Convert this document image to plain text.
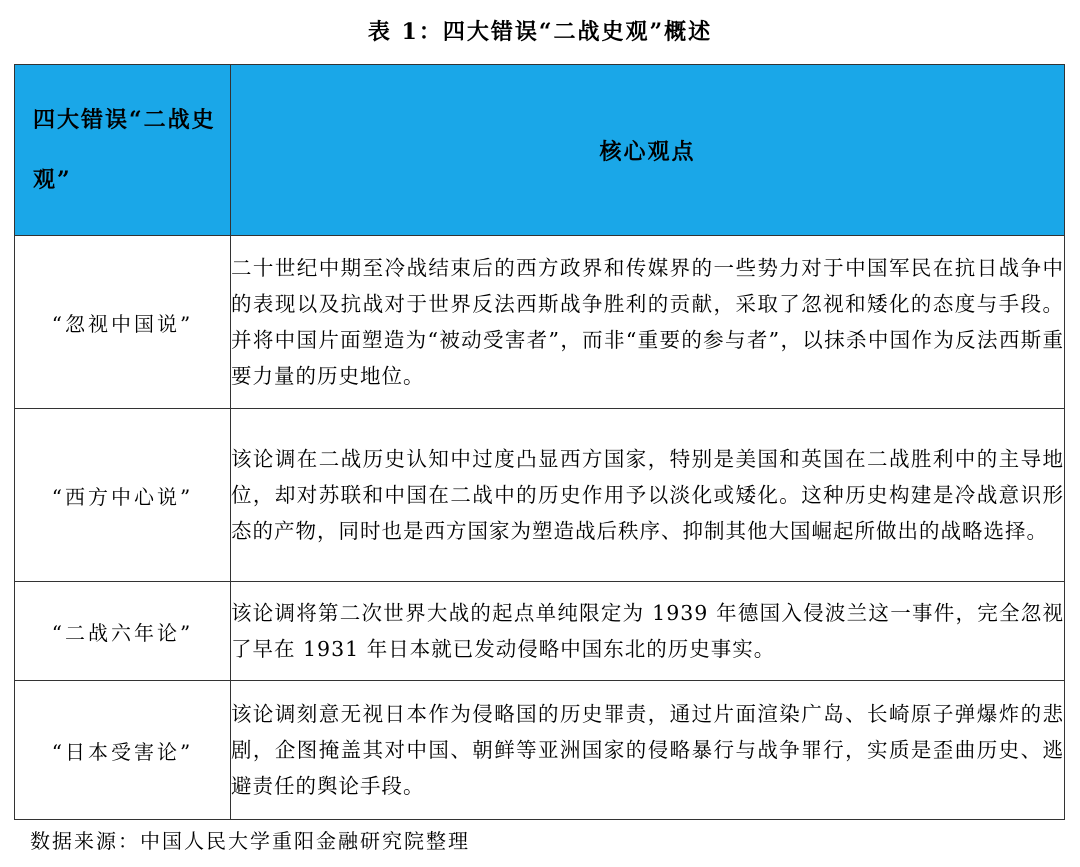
表 1：四大错误“二战史观”概述
四大错误“二战史观”	核心观点
“忽视中国说”	二十世纪中期至冷战结束后的西方政界和传媒界的一些势力对于中国军民在抗日战争中的表现以及抗战对于世界反法西斯战争胜利的贡献，采取了忽视和矮化的态度与手段。并将中国片面塑造为“被动受害者”，而非“重要的参与者”，以抹杀中国作为反法西斯重要力量的历史地位。
“西方中心说”	该论调在二战历史认知中过度凸显西方国家，特别是美国和英国在二战胜利中的主导地位，却对苏联和中国在二战中的历史作用予以淡化或矮化。这种历史构建是冷战意识形态的产物，同时也是西方国家为塑造战后秩序、抑制其他大国崛起所做出的战略选择。
“二战六年论”	该论调将第二次世界大战的起点单纯限定为 1939 年德国入侵波兰这一事件，完全忽视了早在 1931 年日本就已发动侵略中国东北的历史事实。
“日本受害论”	该论调刻意无视日本作为侵略国的历史罪责，通过片面渲染广岛、长崎原子弹爆炸的悲剧，企图掩盖其对中国、朝鲜等亚洲国家的侵略暴行与战争罪行，实质是歪曲历史、逃避责任的舆论手段。
数据来源：中国人民大学重阳金融研究院整理
